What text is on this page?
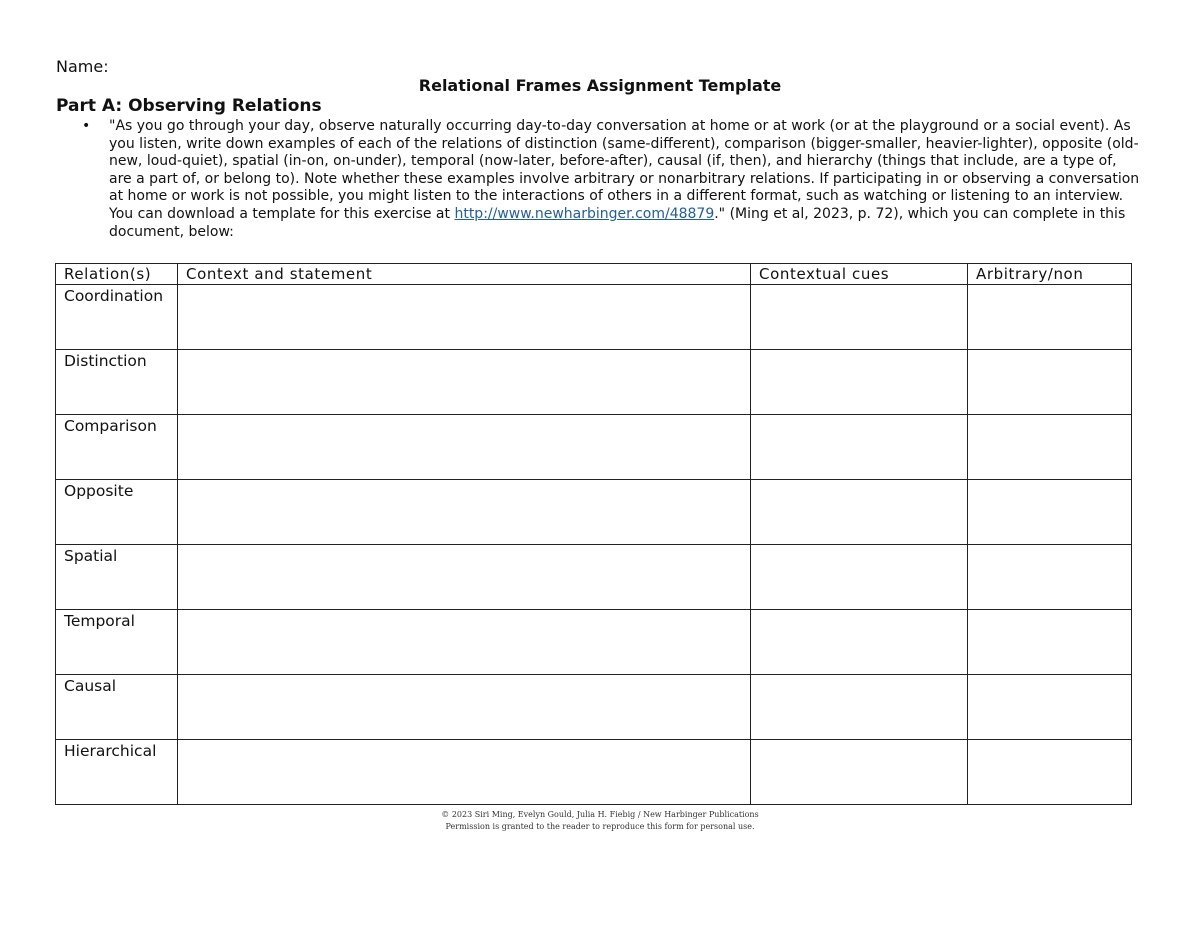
Name:
Relational Frames Assignment Template
Part A: Observing Relations
•	"As you go through your day, observe naturally occurring day-to-day conversation at home or at work (or at the playground or a social event). As you listen, write down examples of each of the relations of distinction (same-different), comparison (bigger-smaller, heavier-lighter), opposite (old-new, loud-quiet), spatial (in-on, on-under), temporal (now-later, before-after), causal (if, then), and hierarchy (things that include, are a type of, are a part of, or belong to). Note whether these examples involve arbitrary or nonarbitrary relations. If participating in or observing a conversation at home or work is not possible, you might listen to the interactions of others in a different format, such as watching or listening to an interview. You can download a template for this exercise at http://www.newharbinger.com/48879." (Ming et al, 2023, p. 72), which you can complete in this document, below:
Relation(s)	Context and statement	Contextual cues	Arbitrary/non
Coordination			
Distinction			
Comparison			
Opposite			
Spatial			
Temporal			
Causal			
Hierarchical			
© 2023 Siri Ming, Evelyn Gould, Julia H. Fiebig / New Harbinger Publications
Permission is granted to the reader to reproduce this form for personal use.
